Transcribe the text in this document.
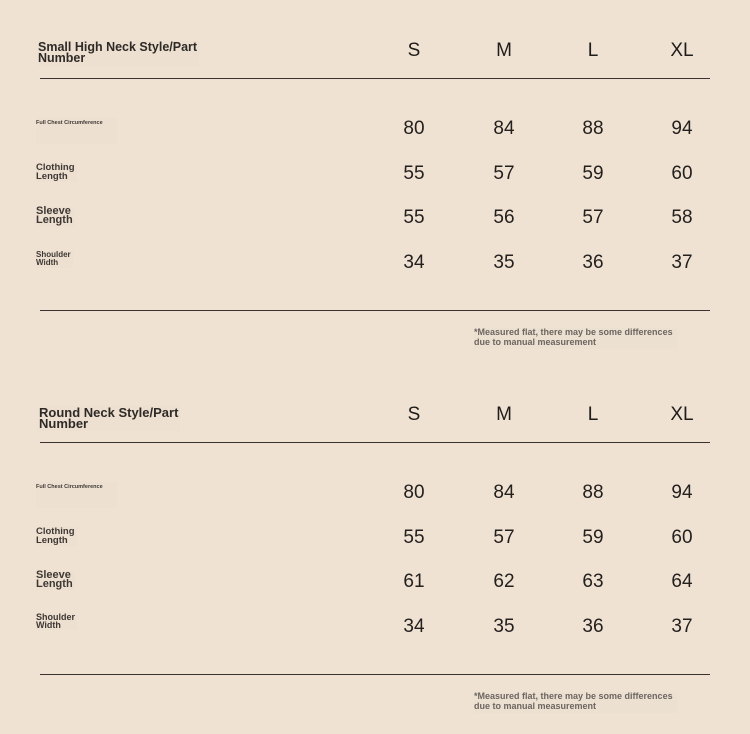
Small High Neck Style/Part
Number	S	M	L	XL
Full Chest Circumference	80	84	88	94
Clothing
Length	55	57	59	60
Sleeve
Length	55	56	57	58
Shoulder
Width	34	35	36	37
*Measured flat, there may be some differences
due to manual measurement
Round Neck Style/Part
Number	S	M	L	XL
Full Chest Circumference	80	84	88	94
Clothing
Length	55	57	59	60
Sleeve
Length	61	62	63	64
Shoulder
Width	34	35	36	37
*Measured flat, there may be some differences
due to manual measurement
